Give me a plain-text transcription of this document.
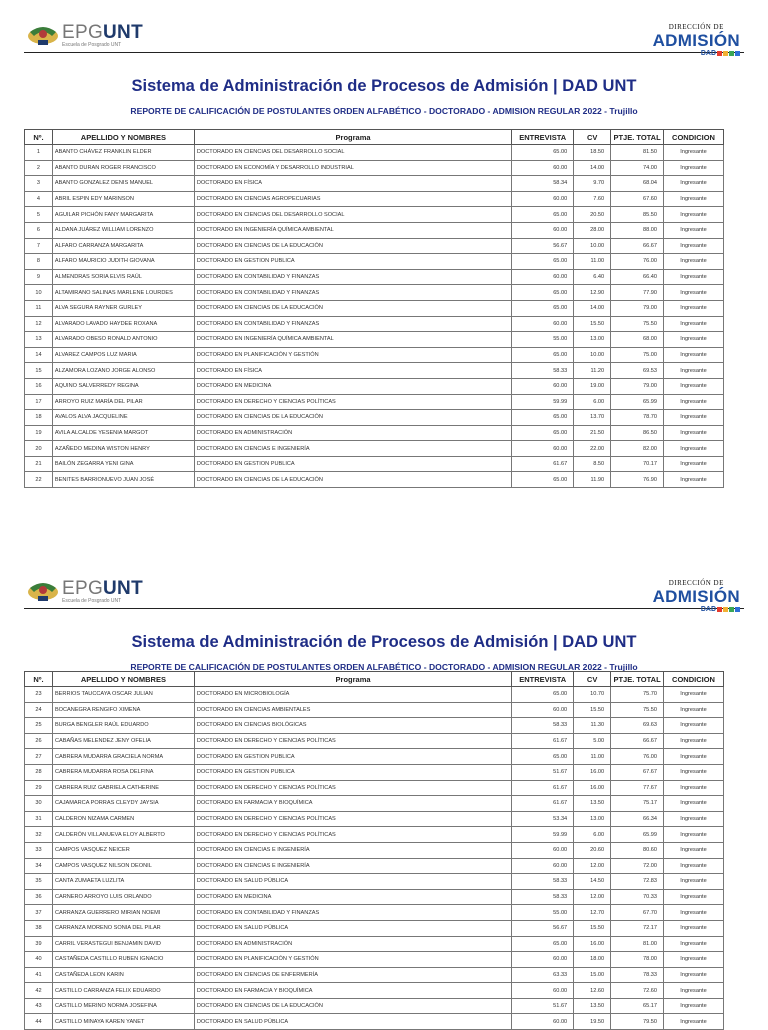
EPGUNT
Escuela de Posgrado UNT
DIRECCIÓN DE
ADMISIÓN
DAD
Sistema de Administración de Procesos de Admisión | DAD UNT
REPORTE DE CALIFICACIÓN DE POSTULANTES ORDEN ALFABÉTICO - DOCTORADO - ADMISION REGULAR 2022 - Trujillo
Nº.	APELLIDO Y NOMBRES	Programa	ENTREVISTA	CV	PTJE. TOTAL	CONDICION
1	ABANTO CHÁVEZ FRANKLIN ELDER	DOCTORADO EN CIENCIAS DEL DESARROLLO SOCIAL	65.00	18.50	81.50	Ingresante
2	ABANTO DURAN ROGER FRANCISCO	DOCTORADO EN ECONOMÍA Y DESARROLLO INDUSTRIAL	60.00	14.00	74.00	Ingresante
3	ABANTO GONZALEZ DENIS MANUEL	DOCTORADO EN FÍSICA	58.34	9.70	68.04	Ingresante
4	ABRIL ESPIN EDY MARINSON	DOCTORADO EN CIENCIAS AGROPECUARIAS	60.00	7.60	67.60	Ingresante
5	AGUILAR PICHÓN FANY MARGARITA	DOCTORADO EN CIENCIAS DEL DESARROLLO SOCIAL	65.00	20.50	85.50	Ingresante
6	ALDANA JUÁREZ WILLIAM LORENZO	DOCTORADO EN INGENIERÍA QUÍMICA AMBIENTAL	60.00	28.00	88.00	Ingresante
7	ALFARO CARRANZA MARGARITA	DOCTORADO EN CIENCIAS DE LA EDUCACIÓN	56.67	10.00	66.67	Ingresante
8	ALFARO MAURICIO JUDITH GIOVANA	DOCTORADO EN GESTION PUBLICA	65.00	11.00	76.00	Ingresante
9	ALMENDRAS SORIA ELVIS RAÚL	DOCTORADO EN CONTABILIDAD Y FINANZAS	60.00	6.40	66.40	Ingresante
10	ALTAMIRANO SALINAS MARLENE LOURDES	DOCTORADO EN CONTABILIDAD Y FINANZAS	65.00	12.90	77.90	Ingresante
11	ALVA SEGURA RAYNER GURLEY	DOCTORADO EN CIENCIAS DE LA EDUCACIÓN	65.00	14.00	79.00	Ingresante
12	ALVARADO LAVADO HAYDEE ROXANA	DOCTORADO EN CONTABILIDAD Y FINANZAS	60.00	15.50	75.50	Ingresante
13	ALVARADO OBESO RONALD ANTONIO	DOCTORADO EN INGENIERÍA QUÍMICA AMBIENTAL	55.00	13.00	68.00	Ingresante
14	ALVAREZ CAMPOS LUZ MARIA	DOCTORADO EN PLANIFICACIÓN Y GESTIÓN	65.00	10.00	75.00	Ingresante
15	ALZAMORA LOZANO JORGE ALONSO	DOCTORADO EN FÍSICA	58.33	11.20	69.53	Ingresante
16	AQUINO SALVERREDY REGINA	DOCTORADO EN MEDICINA	60.00	19.00	79.00	Ingresante
17	ARROYO RUIZ MARÍA DEL PILAR	DOCTORADO EN DERECHO Y CIENCIAS POLÍTICAS	59.99	6.00	65.99	Ingresante
18	AVALOS ALVA JACQUELINE	DOCTORADO EN CIENCIAS DE LA EDUCACIÓN	65.00	13.70	78.70	Ingresante
19	AVILA ALCALDE YESENIA MARGOT	DOCTORADO EN ADMINISTRACIÓN	65.00	21.50	86.50	Ingresante
20	AZAÑEDO MEDINA WISTON HENRY	DOCTORADO EN CIENCIAS E INGENIERÍA	60.00	22.00	82.00	Ingresante
21	BAILÓN ZEGARRA YENI GINA	DOCTORADO EN GESTION PUBLICA	61.67	8.50	70.17	Ingresante
22	BENITES BARRIONUEVO JUAN JOSÉ	DOCTORADO EN CIENCIAS DE LA EDUCACIÓN	65.00	11.90	76.90	Ingresante
EPGUNT
Escuela de Posgrado UNT
DIRECCIÓN DE
ADMISIÓN
DAD
Sistema de Administración de Procesos de Admisión | DAD UNT
REPORTE DE CALIFICACIÓN DE POSTULANTES ORDEN ALFABÉTICO - DOCTORADO - ADMISION REGULAR 2022 - Trujillo
Nº.	APELLIDO Y NOMBRES	Programa	ENTREVISTA	CV	PTJE. TOTAL	CONDICION
23	BERRIOS TAUCCAYA OSCAR JULIAN	DOCTORADO EN MICROBIOLOGÍA	65.00	10.70	75.70	Ingresante
24	BOCANEGRA RENGIFO XIMENA	DOCTORADO EN CIENCIAS AMBIENTALES	60.00	15.50	75.50	Ingresante
25	BURGA BENGLER RAÚL EDUARDO	DOCTORADO EN CIENCIAS BIOLÓGICAS	58.33	11.30	69.63	Ingresante
26	CABAÑAS MELENDEZ JENY OFELIA	DOCTORADO EN DERECHO Y CIENCIAS POLÍTICAS	61.67	5.00	66.67	Ingresante
27	CABRERA MUDARRA GRACIELA NORMA	DOCTORADO EN GESTION PUBLICA	65.00	11.00	76.00	Ingresante
28	CABRERA MUDARRA ROSA DELFINA	DOCTORADO EN GESTION PUBLICA	51.67	16.00	67.67	Ingresante
29	CABRERA RUIZ GABRIELA CATHERINE	DOCTORADO EN DERECHO Y CIENCIAS POLÍTICAS	61.67	16.00	77.67	Ingresante
30	CAJAMARCA PORRAS CLEYDY JAYSIA	DOCTORADO EN FARMACIA Y BIOQUÍMICA	61.67	13.50	75.17	Ingresante
31	CALDERON NIZAMA CARMEN	DOCTORADO EN DERECHO Y CIENCIAS POLÍTICAS	53.34	13.00	66.34	Ingresante
32	CALDERÓN VILLANUEVA ELOY ALBERTO	DOCTORADO EN DERECHO Y CIENCIAS POLÍTICAS	59.99	6.00	65.99	Ingresante
33	CAMPOS VASQUEZ NEICER	DOCTORADO EN CIENCIAS E INGENIERÍA	60.00	20.60	80.60	Ingresante
34	CAMPOS VASQUEZ NILSON DEONIL	DOCTORADO EN CIENCIAS E INGENIERÍA	60.00	12.00	72.00	Ingresante
35	CANTA ZUMAETA LUZLITA	DOCTORADO EN SALUD PÚBLICA	58.33	14.50	72.83	Ingresante
36	CARNERO ARROYO LUIS ORLANDO	DOCTORADO EN MEDICINA	58.33	12.00	70.33	Ingresante
37	CARRANZA GUERRERO MIRIAN NOEMI	DOCTORADO EN CONTABILIDAD Y FINANZAS	55.00	12.70	67.70	Ingresante
38	CARRANZA MORENO SONIA DEL PILAR	DOCTORADO EN SALUD PÚBLICA	56.67	15.50	72.17	Ingresante
39	CARRIL VERASTEGUI BENJAMIN DAVID	DOCTORADO EN ADMINISTRACIÓN	65.00	16.00	81.00	Ingresante
40	CASTAÑEDA CASTILLO RUBEN IGNACIO	DOCTORADO EN PLANIFICACIÓN Y GESTIÓN	60.00	18.00	78.00	Ingresante
41	CASTAÑEDA LEON KARIN	DOCTORADO EN CIENCIAS DE ENFERMERÍA	63.33	15.00	78.33	Ingresante
42	CASTILLO CARRANZA FELIX EDUARDO	DOCTORADO EN FARMACIA Y BIOQUÍMICA	60.00	12.60	72.60	Ingresante
43	CASTILLO MERINO NORMA JOSEFINA	DOCTORADO EN CIENCIAS DE LA EDUCACIÓN	51.67	13.50	65.17	Ingresante
44	CASTILLO MINAYA KAREN YANET	DOCTORADO EN SALUD PÚBLICA	60.00	19.50	79.50	Ingresante
